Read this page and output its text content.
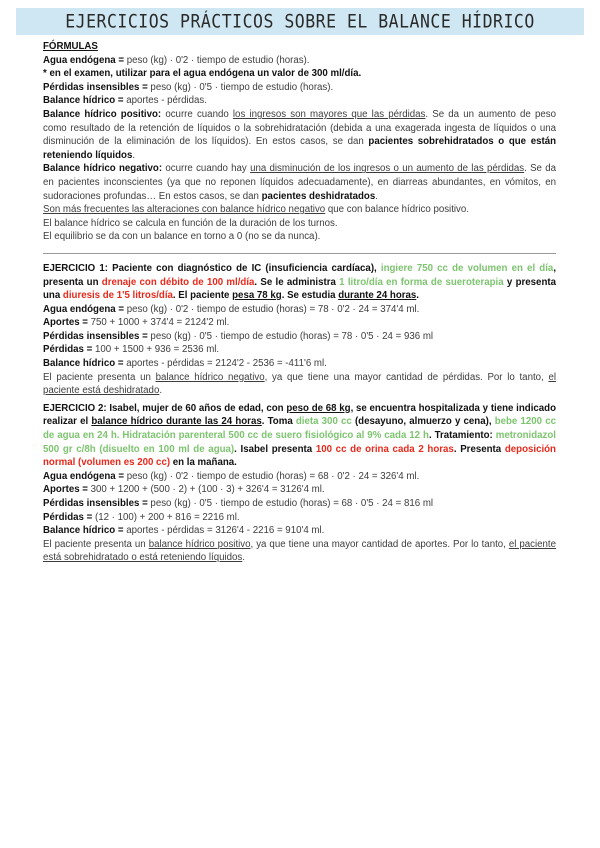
EJERCICIOS PRÁCTICOS SOBRE EL BALANCE HÍDRICO

FÓRMULAS

Agua endógena = peso (kg) · 0'2 · tiempo de estudio (horas).

* en el examen, utilizar para el agua endógena un valor de 300 ml/día.

Pérdidas insensibles = peso (kg) · 0'5 · tiempo de estudio (horas).

Balance hídrico = aportes - pérdidas.

Balance hídrico positivo: ocurre cuando los ingresos son mayores que las pérdidas. Se da un aumento de peso como resultado de la retención de líquidos o la sobrehidratación (debida a una exagerada ingesta de líquidos o una disminución de la eliminación de los líquidos). En estos casos, se dan pacientes sobrehidratados o que están reteniendo líquidos.

Balance hídrico negativo: ocurre cuando hay una disminución de los ingresos o un aumento de las pérdidas. Se da en pacientes inconscientes (ya que no reponen líquidos adecuadamente), en diarreas abundantes, en vómitos, en sudoraciones profundas… En estos casos, se dan pacientes deshidratados.

Son más frecuentes las alteraciones con balance hídrico negativo que con balance hídrico positivo.

El balance hídrico se calcula en función de la duración de los turnos.

El equilibrio se da con un balance en torno a 0 (no se da nunca).

EJERCICIO 1: Paciente con diagnóstico de IC (insuficiencia cardíaca), ingiere 750 cc de volumen en el día, presenta un drenaje con débito de 100 ml/día. Se le administra 1 litro/día en forma de sueroterapia y presenta una diuresis de 1'5 litros/día. El paciente pesa 78 kg. Se estudia durante 24 horas.

Agua endógena = peso (kg) · 0'2 · tiempo de estudio (horas) = 78 · 0'2 · 24 = 374'4 ml.

Aportes = 750 + 1000 + 374'4 = 2124'2 ml.

Pérdidas insensibles = peso (kg) · 0'5 · tiempo de estudio (horas) = 78 · 0'5 · 24 = 936 ml

Pérdidas = 100 + 1500 + 936 = 2536 ml.

Balance hídrico = aportes - pérdidas = 2124'2 - 2536 = -411'6 ml.

El paciente presenta un balance hídrico negativo, ya que tiene una mayor cantidad de pérdidas. Por lo tanto, el paciente está deshidratado.

EJERCICIO 2: Isabel, mujer de 60 años de edad, con peso de 68 kg, se encuentra hospitalizada y tiene indicado realizar el balance hídrico durante las 24 horas. Toma dieta 300 cc (desayuno, almuerzo y cena), bebe 1200 cc de agua en 24 h. Hidratación parenteral 500 cc de suero fisiológico al 9% cada 12 h. Tratamiento: metronidazol 500 gr c/8h (disuelto en 100 ml de agua). Isabel presenta 100 cc de orina cada 2 horas. Presenta deposición normal (volumen es 200 cc) en la mañana.

Agua endógena = peso (kg) · 0'2 · tiempo de estudio (horas) = 68 · 0'2 · 24 = 326'4 ml.

Aportes = 300 + 1200 + (500 · 2) + (100 · 3) + 326'4 = 3126'4 ml.

Pérdidas insensibles = peso (kg) · 0'5 · tiempo de estudio (horas) = 68 · 0'5 · 24 = 816 ml

Pérdidas = (12 · 100) + 200 + 816 = 2216 ml.

Balance hídrico = aportes - pérdidas = 3126'4 - 2216 = 910'4 ml.

El paciente presenta un balance hídrico positivo, ya que tiene una mayor cantidad de aportes. Por lo tanto, el paciente está sobrehidratado o está reteniendo líquidos.
